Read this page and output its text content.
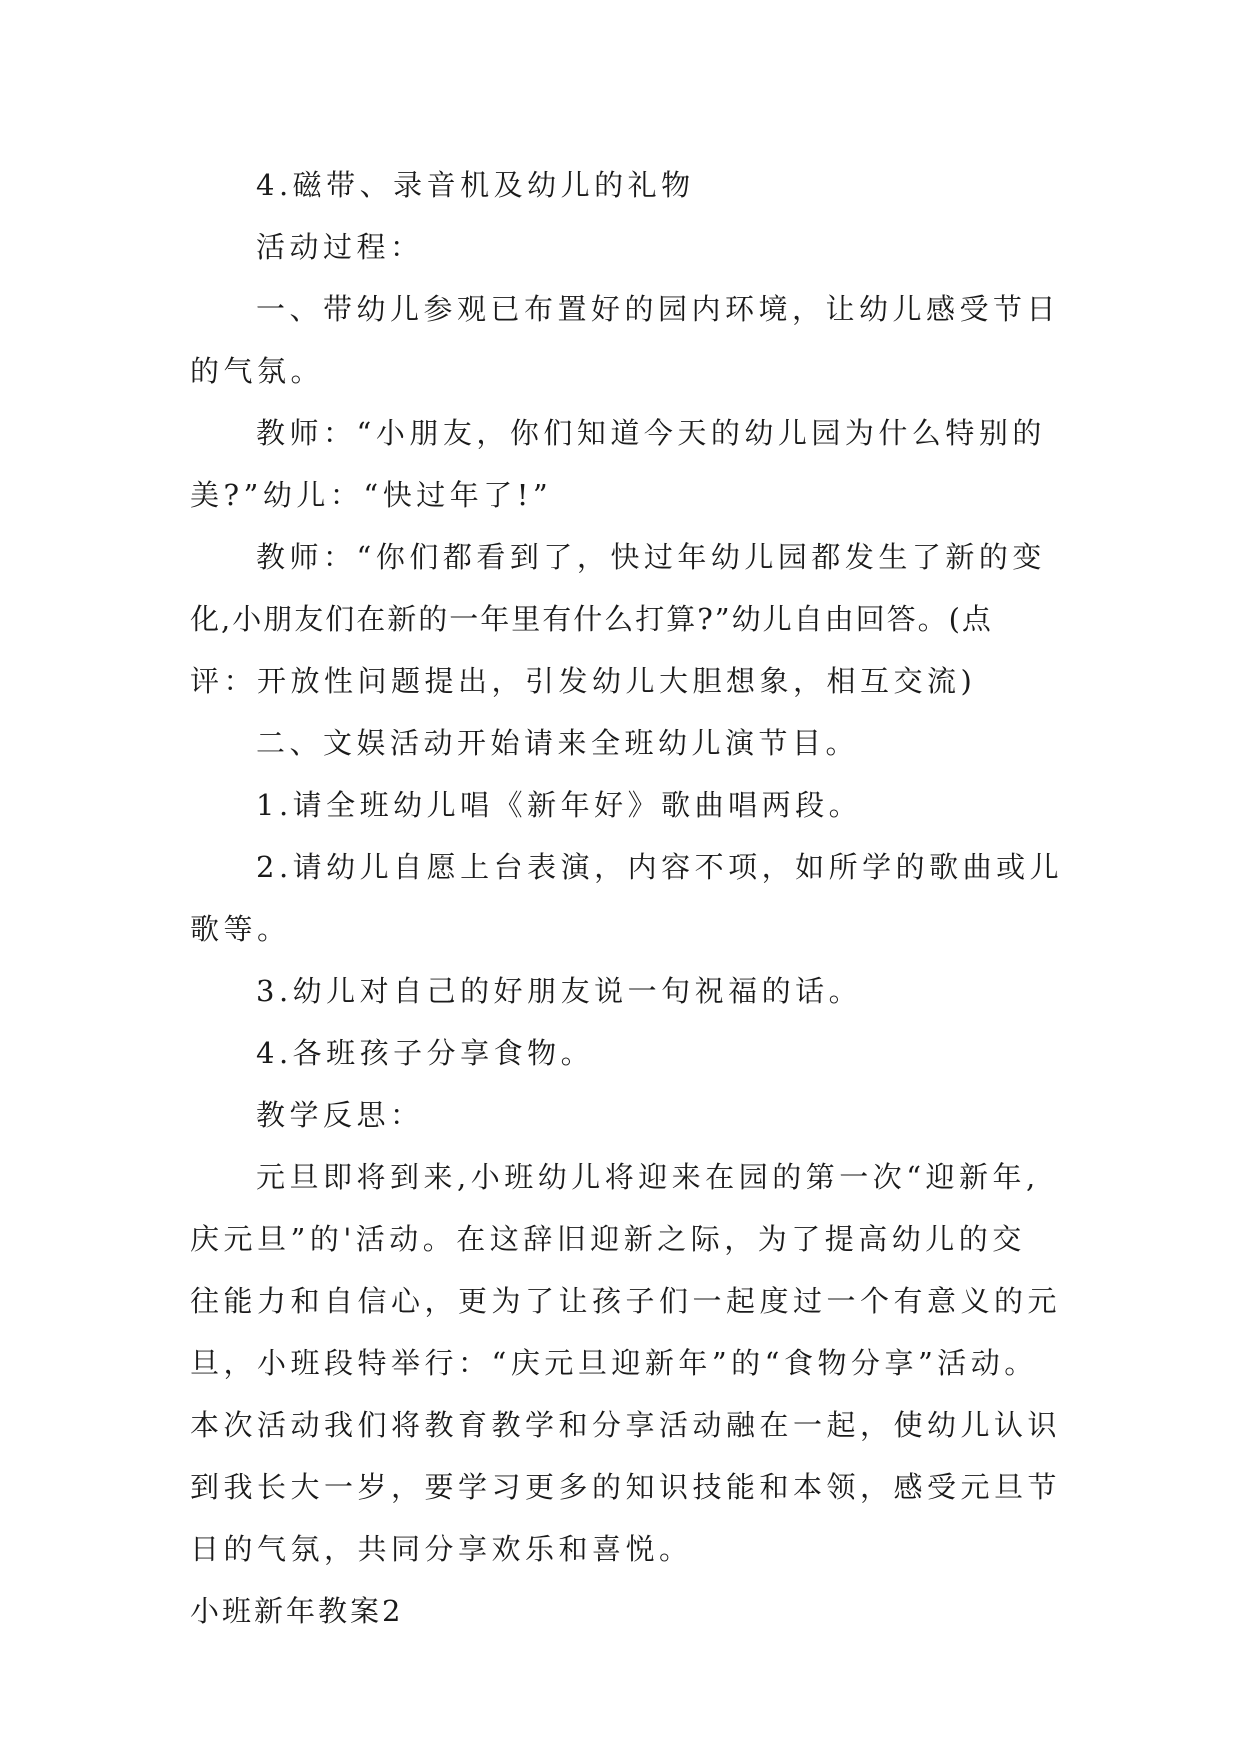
4.磁带、录音机及幼儿的礼物
活动过程：
一、带幼儿参观已布置好的园内环境，让幼儿感受节日
的气氛。
教师：“小朋友，你们知道今天的幼儿园为什么特别的
美?”幼儿：“快过年了!”
教师：“你们都看到了，快过年幼儿园都发生了新的变
化,小朋友们在新的一年里有什么打算?”幼儿自由回答。(点
评：开放性问题提出，引发幼儿大胆想象，相互交流)
二、文娱活动开始请来全班幼儿演节目。
1.请全班幼儿唱《新年好》歌曲唱两段。
2.请幼儿自愿上台表演，内容不项，如所学的歌曲或儿
歌等。
3.幼儿对自己的好朋友说一句祝福的话。
4.各班孩子分享食物。
教学反思：
元旦即将到来,小班幼儿将迎来在园的第一次“迎新年,
庆元旦”的'活动。在这辞旧迎新之际，为了提高幼儿的交
往能力和自信心，更为了让孩子们一起度过一个有意义的元
旦，小班段特举行：“庆元旦迎新年”的“食物分享”活动。
本次活动我们将教育教学和分享活动融在一起，使幼儿认识
到我长大一岁，要学习更多的知识技能和本领，感受元旦节
日的气氛，共同分享欢乐和喜悦。
小班新年教案2
